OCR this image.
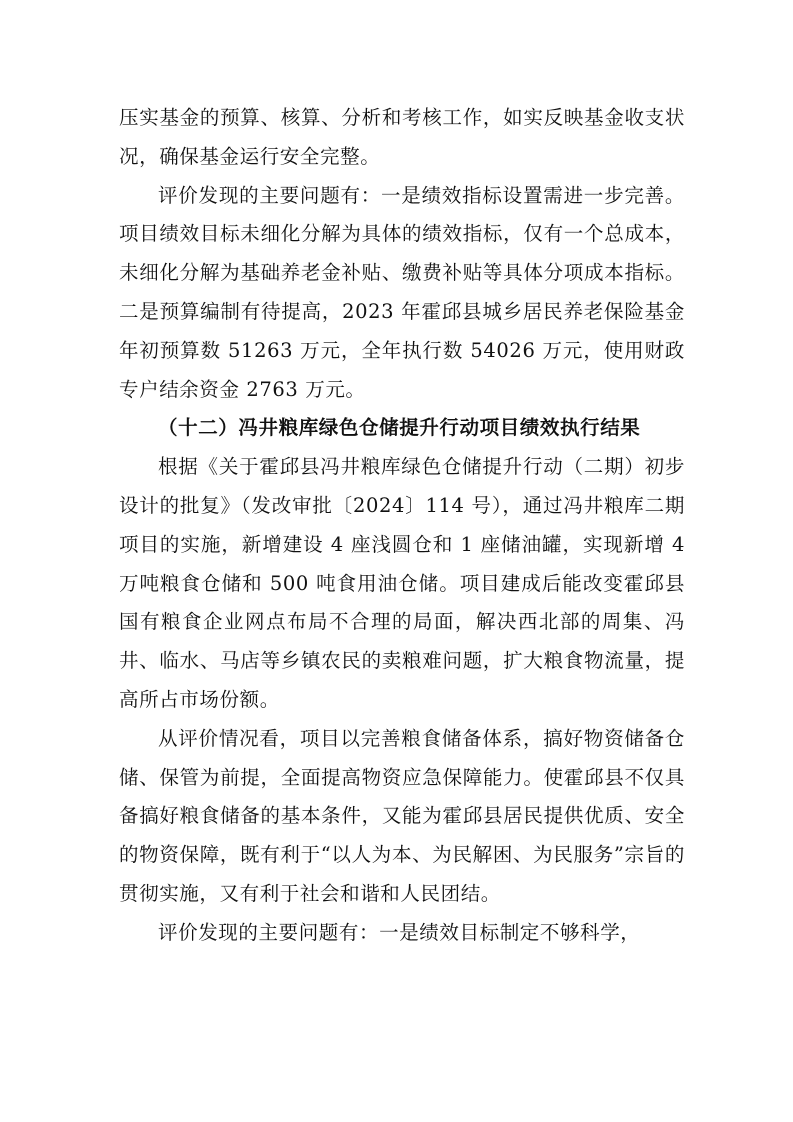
压实基金的预算、核算、分析和考核工作，如实反映基金收支状况，确保基金运行安全完整。

评价发现的主要问题有：一是绩效指标设置需进一步完善。项目绩效目标未细化分解为具体的绩效指标，仅有一个总成本，未细化分解为基础养老金补贴、缴费补贴等具体分项成本指标。二是预算编制有待提高，2023 年霍邱县城乡居民养老保险基金年初预算数 51263 万元，全年执行数 54026 万元，使用财政专户结余资金 2763 万元。

（十二）冯井粮库绿色仓储提升行动项目绩效执行结果

根据《关于霍邱县冯井粮库绿色仓储提升行动（二期）初步设计的批复》（发改审批〔2024〕114 号），通过冯井粮库二期项目的实施，新增建设 4 座浅圆仓和 1 座储油罐，实现新增 4 万吨粮食仓储和 500 吨食用油仓储。项目建成后能改变霍邱县国有粮食企业网点布局不合理的局面，解决西北部的周集、冯井、临水、马店等乡镇农民的卖粮难问题，扩大粮食物流量，提高所占市场份额。

从评价情况看，项目以完善粮食储备体系，搞好物资储备仓储、保管为前提，全面提高物资应急保障能力。使霍邱县不仅具备搞好粮食储备的基本条件，又能为霍邱县居民提供优质、安全的物资保障，既有利于“以人为本、为民解困、为民服务”宗旨的贯彻实施，又有利于社会和谐和人民团结。

评价发现的主要问题有：一是绩效目标制定不够科学，
